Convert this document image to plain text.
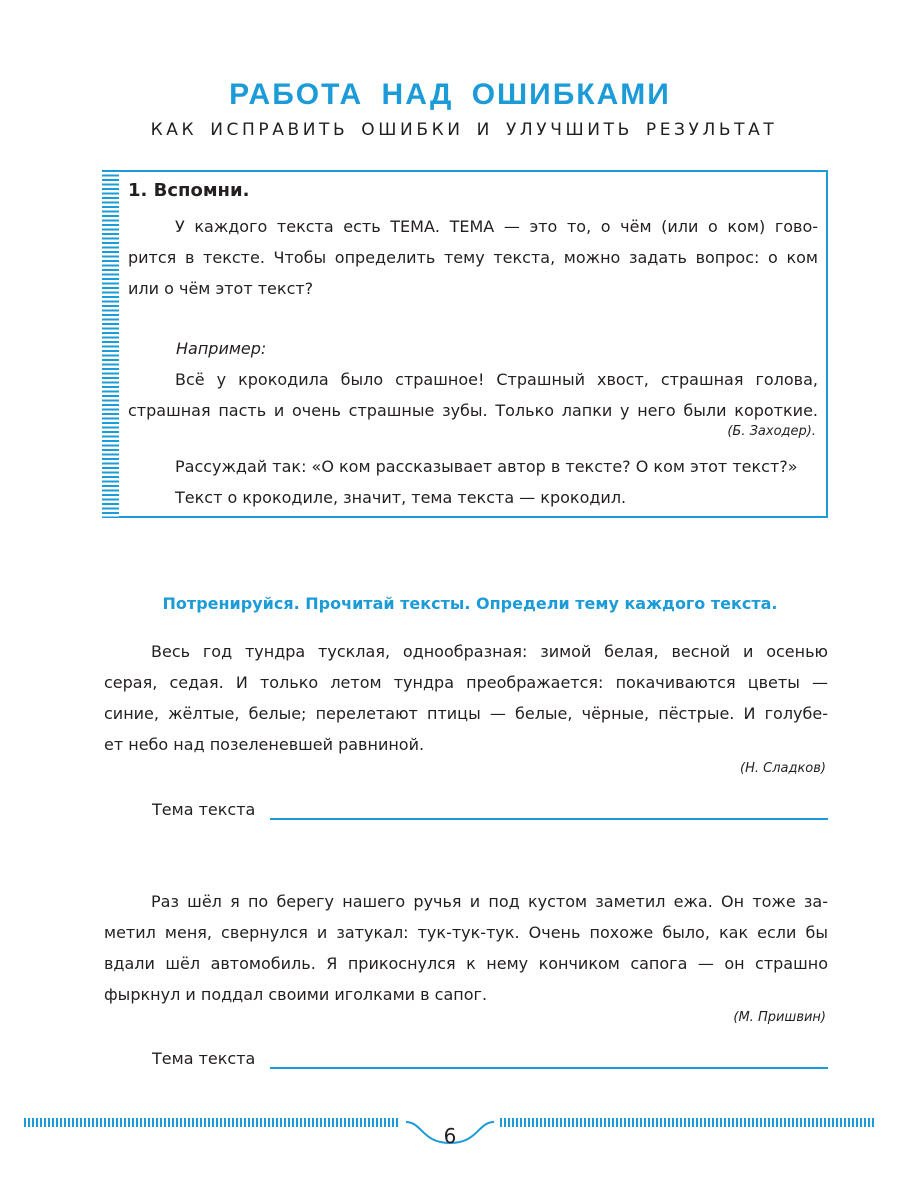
РАБОТА НАД ОШИБКАМИ
КАК ИСПРАВИТЬ ОШИБКИ И УЛУЧШИТЬ РЕЗУЛЬТАТ
1. Вспомни.
У каждого текста есть ТЕМА. ТЕМА — это то, о чём (или о ком) гово-
рится в тексте. Чтобы определить тему текста, можно задать вопрос: о ком
или о чём этот текст?
Например:
Всё у крокодила было страшное! Страшный хвост, страшная голова,
страшная пасть и очень страшные зубы. Только лапки у него были короткие.
(Б. Заходер).
Рассуждай так: «О ком рассказывает автор в тексте? О ком этот текст?»
Текст о крокодиле, значит, тема текста — крокодил.
Потренируйся. Прочитай тексты. Определи тему каждого текста.
Весь год тундра тусклая, однообразная: зимой белая, весной и осенью
серая, седая. И только летом тундра преображается: покачиваются цветы —
синие, жёлтые, белые; перелетают птицы — белые, чёрные, пёстрые. И голубе-
ет небо над позеленевшей равниной.
(Н. Сладков)
Тема текста
Раз шёл я по берегу нашего ручья и под кустом заметил ежа. Он тоже за-
метил меня, свернулся и затукал: тук-тук-тук. Очень похоже было, как если бы
вдали шёл автомобиль. Я прикоснулся к нему кончиком сапога — он страшно
фыркнул и поддал своими иголками в сапог.
(М. Пришвин)
Тема текста
6
